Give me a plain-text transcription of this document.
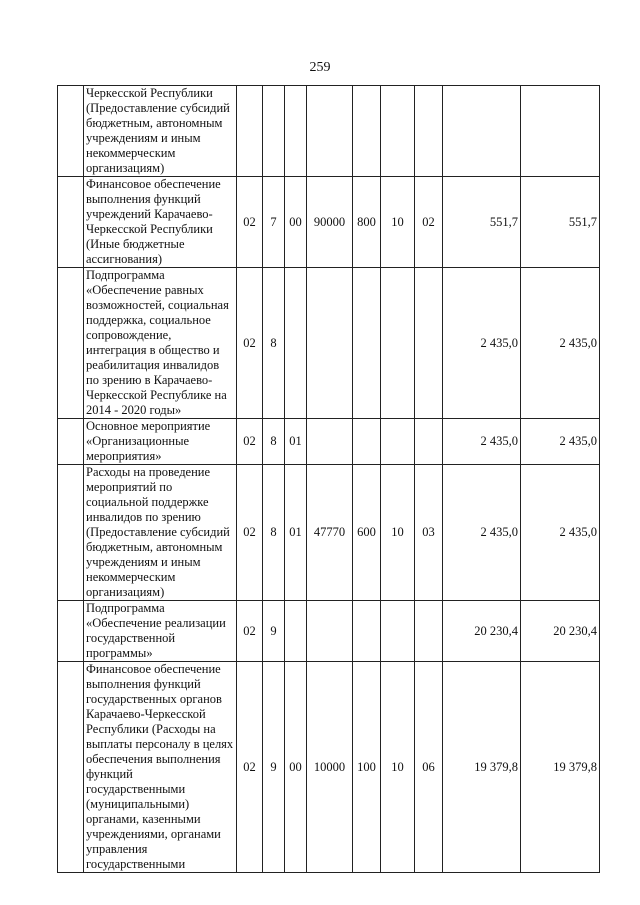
259
	Черкесской Республики (Предоставление субсидий бюджетным, автономным учреждениям и иным некоммерческим организациям)									
	Финансовое обеспечение выполнения функций учреждений Карачаево-Черкесской Республики (Иные бюджетные ассигнования)	02	7	00	90000	800	10	02	551,7	551,7
	Подпрограмма «Обеспечение равных возможностей, социальная поддержка, социальное сопровождение, интеграция в общество и реабилитация инвалидов по зрению в Карачаево-Черкесской Республике на 2014 - 2020 годы»	02	8						2 435,0	2 435,0
	Основное мероприятие «Организационные мероприятия»	02	8	01					2 435,0	2 435,0
	Расходы на проведение мероприятий по социальной поддержке инвалидов по зрению (Предоставление субсидий бюджетным, автономным учреждениям и иным некоммерческим организациям)	02	8	01	47770	600	10	03	2 435,0	2 435,0
	Подпрограмма «Обеспечение реализации государственной программы»	02	9						20 230,4	20 230,4
	Финансовое обеспечение выполнения функций государственных органов Карачаево-Черкесской Республики (Расходы на выплаты персоналу в целях обеспечения выполнения функций государственными (муниципальными) органами, казенными учреждениями, органами управления государственными	02	9	00	10000	100	10	06	19 379,8	19 379,8
